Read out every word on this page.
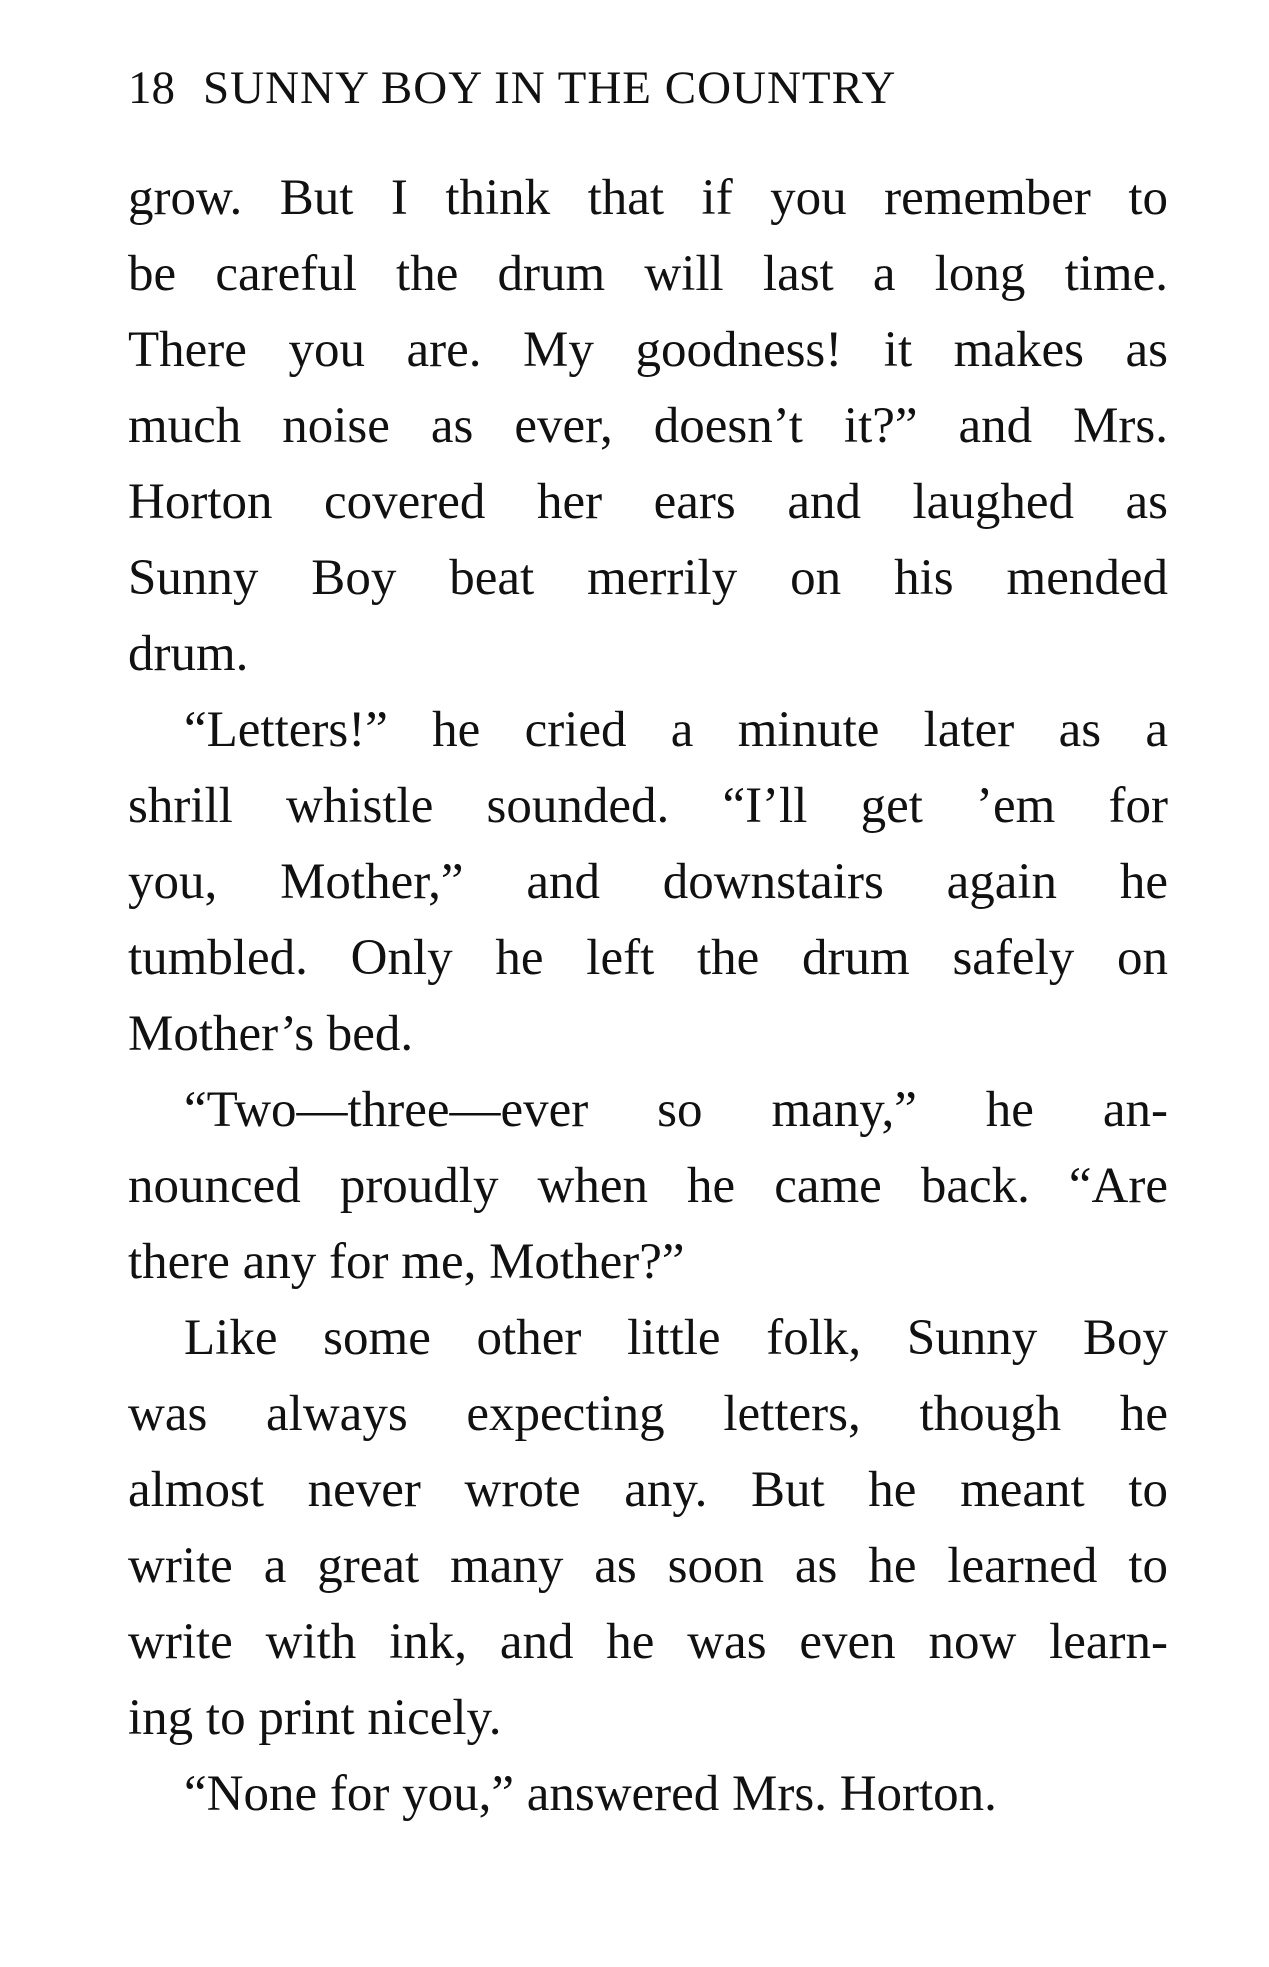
18 SUNNY BOY IN THE COUNTRY
grow. But I think that if you remember to
be careful the drum will last a long time.
There you are. My goodness! it makes as
much noise as ever, doesn’t it?” and Mrs.
Horton covered her ears and laughed as
Sunny Boy beat merrily on his mended
drum.
“Letters!” he cried a minute later as a
shrill whistle sounded. “I’ll get ’em for
you, Mother,” and downstairs again he
tumbled. Only he left the drum safely on
Mother’s bed.
“Two—three—ever so many,” he an-
nounced proudly when he came back. “Are
there any for me, Mother?”
Like some other little folk, Sunny Boy
was always expecting letters, though he
almost never wrote any. But he meant to
write a great many as soon as he learned to
write with ink, and he was even now learn-
ing to print nicely.
“None for you,” answered Mrs. Horton.
